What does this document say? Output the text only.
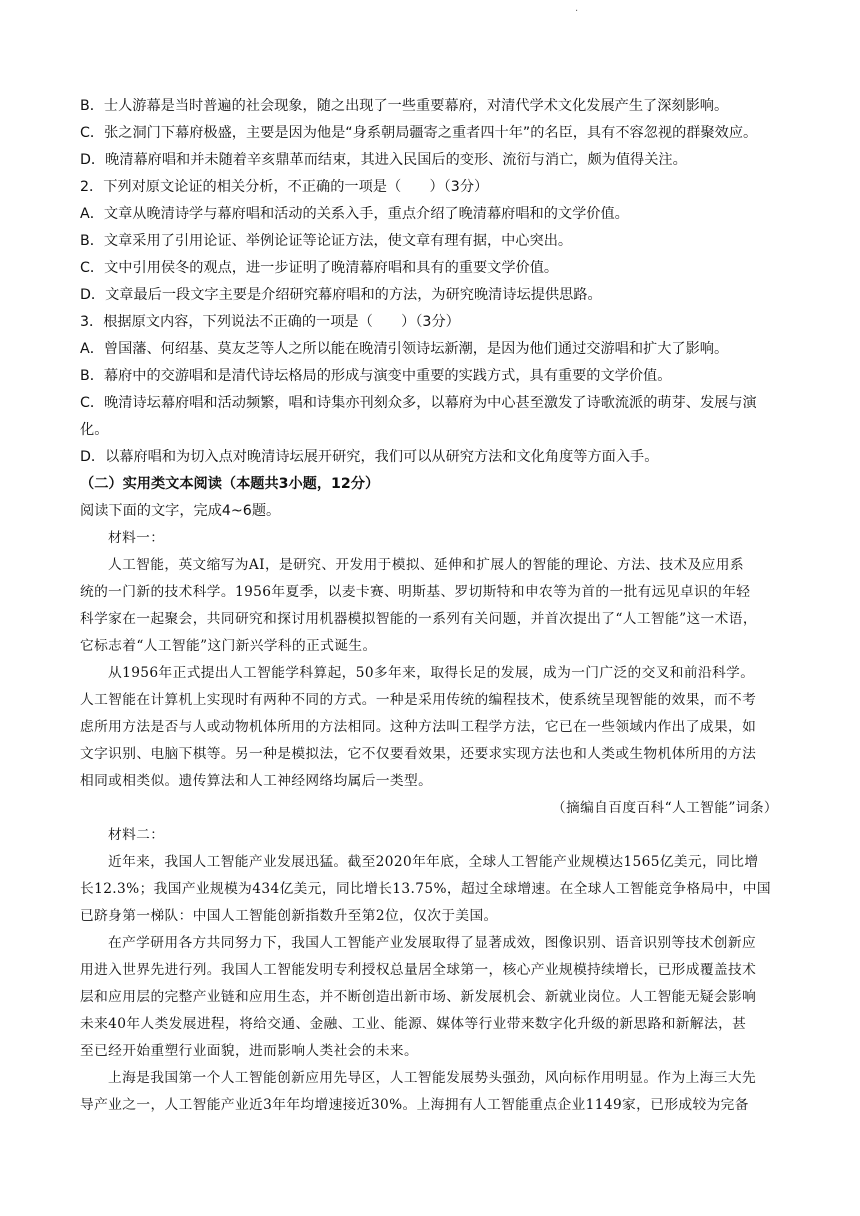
·
B．士人游幕是当时普遍的社会现象，随之出现了一些重要幕府，对清代学术文化发展产生了深刻影响。
C．张之洞门下幕府极盛，主要是因为他是“身系朝局疆寄之重者四十年”的名臣，具有不容忽视的群聚效应。
D．晚清幕府唱和并未随着辛亥鼎革而结束，其进入民国后的变形、流衍与消亡，颇为值得关注。
2．下列对原文论证的相关分析，不正确的一项是（　　）（3分）
A．文章从晚清诗学与幕府唱和活动的关系入手，重点介绍了晚清幕府唱和的文学价值。
B．文章采用了引用论证、举例论证等论证方法，使文章有理有据，中心突出。
C．文中引用侯冬的观点，进一步证明了晚清幕府唱和具有的重要文学价值。
D．文章最后一段文字主要是介绍研究幕府唱和的方法，为研究晚清诗坛提供思路。
3．根据原文内容，下列说法不正确的一项是（　　）（3分）
A．曾国藩、何绍基、莫友芝等人之所以能在晚清引领诗坛新潮，是因为他们通过交游唱和扩大了影响。
B．幕府中的交游唱和是清代诗坛格局的形成与演变中重要的实践方式，具有重要的文学价值。
C．晚清诗坛幕府唱和活动频繁，唱和诗集亦刊刻众多，以幕府为中心甚至激发了诗歌流派的萌芽、发展与演
化。
D．以幕府唱和为切入点对晚清诗坛展开研究，我们可以从研究方法和文化角度等方面入手。
（二）实用类文本阅读（本题共3小题，12分）
阅读下面的文字，完成4~6题。
材料一：
人工智能，英文缩写为AI，是研究、开发用于模拟、延伸和扩展人的智能的理论、方法、技术及应用系
统的一门新的技术科学。1956年夏季，以麦卡赛、明斯基、罗切斯特和申农等为首的一批有远见卓识的年轻
科学家在一起聚会，共同研究和探讨用机器模拟智能的一系列有关问题，并首次提出了“人工智能”这一术语，
它标志着“人工智能”这门新兴学科的正式诞生。
从1956年正式提出人工智能学科算起，50多年来，取得长足的发展，成为一门广泛的交叉和前沿科学。
人工智能在计算机上实现时有两种不同的方式。一种是采用传统的编程技术，使系统呈现智能的效果，而不考
虑所用方法是否与人或动物机体所用的方法相同。这种方法叫工程学方法，它已在一些领域内作出了成果，如
文字识别、电脑下棋等。另一种是模拟法，它不仅要看效果，还要求实现方法也和人类或生物机体所用的方法
相同或相类似。遗传算法和人工神经网络均属后一类型。
（摘编自百度百科“人工智能”词条）
材料二：
近年来，我国人工智能产业发展迅猛。截至2020年年底，全球人工智能产业规模达1565亿美元，同比增
长12.3%；我国产业规模为434亿美元，同比增长13.75%，超过全球增速。在全球人工智能竞争格局中，中国
已跻身第一梯队：中国人工智能创新指数升至第2位，仅次于美国。
在产学研用各方共同努力下，我国人工智能产业发展取得了显著成效，图像识别、语音识别等技术创新应
用进入世界先进行列。我国人工智能发明专利授权总量居全球第一，核心产业规模持续增长，已形成覆盖技术
层和应用层的完整产业链和应用生态，并不断创造出新市场、新发展机会、新就业岗位。人工智能无疑会影响
未来40年人类发展进程，将给交通、金融、工业、能源、媒体等行业带来数字化升级的新思路和新解法，甚
至已经开始重塑行业面貌，进而影响人类社会的未来。
上海是我国第一个人工智能创新应用先导区，人工智能发展势头强劲，风向标作用明显。作为上海三大先
导产业之一，人工智能产业近3年年均增速接近30%。上海拥有人工智能重点企业1149家，已形成较为完备
